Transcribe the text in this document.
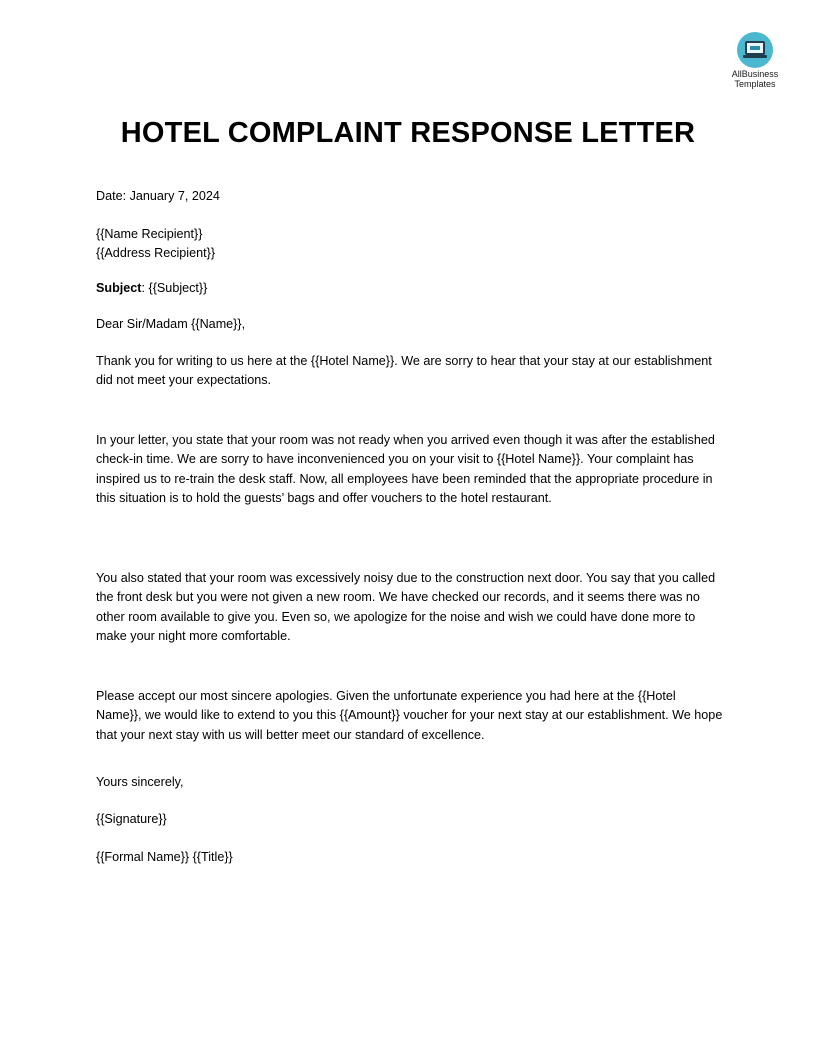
AllBusiness
Templates
HOTEL COMPLAINT RESPONSE LETTER

Date: January 7, 2024

{{Name Recipient}}
{{Address Recipient}}

Subject: {{Subject}}

Dear Sir/Madam {{Name}},

Thank you for writing to us here at the {{Hotel Name}}. We are sorry to hear that your stay at our establishment did not meet your expectations.

In your letter, you state that your room was not ready when you arrived even though it was after the established check-in time. We are sorry to have inconvenienced you on your visit to {{Hotel Name}}. Your complaint has inspired us to re-train the desk staff. Now, all employees have been reminded that the appropriate procedure in this situation is to hold the guests’ bags and offer vouchers to the hotel restaurant.

You also stated that your room was excessively noisy due to the construction next door. You say that you called the front desk but you were not given a new room. We have checked our records, and it seems there was no other room available to give you. Even so, we apologize for the noise and wish we could have done more to make your night more comfortable.

Please accept our most sincere apologies. Given the unfortunate experience you had here at the {{Hotel Name}}, we would like to extend to you this {{Amount}} voucher for your next stay at our establishment. We hope that your next stay with us will better meet our standard of excellence.

Yours sincerely,

{{Signature}}

{{Formal Name}} {{Title}}
